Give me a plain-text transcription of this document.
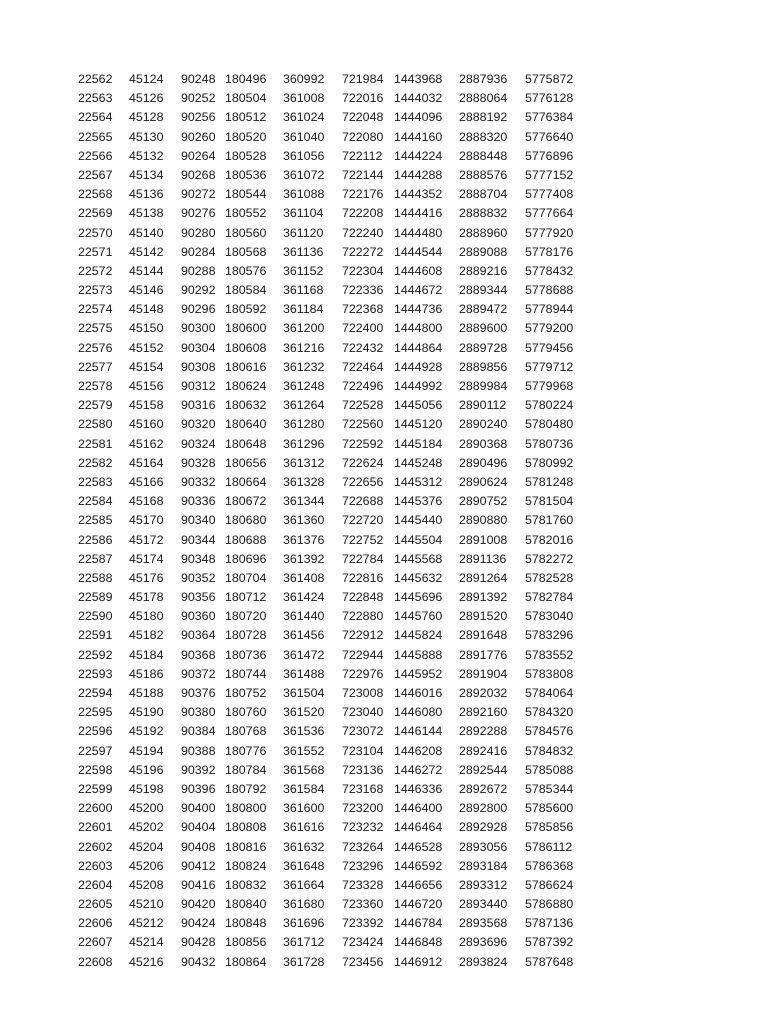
22562 45124 90248 180496 360992 721984 1443968 2887936 5775872
22563 45126 90252 180504 361008 722016 1444032 2888064 5776128
22564 45128 90256 180512 361024 722048 1444096 2888192 5776384
22565 45130 90260 180520 361040 722080 1444160 2888320 5776640
22566 45132 90264 180528 361056 722112 1444224 2888448 5776896
22567 45134 90268 180536 361072 722144 1444288 2888576 5777152
22568 45136 90272 180544 361088 722176 1444352 2888704 5777408
22569 45138 90276 180552 361104 722208 1444416 2888832 5777664
22570 45140 90280 180560 361120 722240 1444480 2888960 5777920
22571 45142 90284 180568 361136 722272 1444544 2889088 5778176
22572 45144 90288 180576 361152 722304 1444608 2889216 5778432
22573 45146 90292 180584 361168 722336 1444672 2889344 5778688
22574 45148 90296 180592 361184 722368 1444736 2889472 5778944
22575 45150 90300 180600 361200 722400 1444800 2889600 5779200
22576 45152 90304 180608 361216 722432 1444864 2889728 5779456
22577 45154 90308 180616 361232 722464 1444928 2889856 5779712
22578 45156 90312 180624 361248 722496 1444992 2889984 5779968
22579 45158 90316 180632 361264 722528 1445056 2890112 5780224
22580 45160 90320 180640 361280 722560 1445120 2890240 5780480
22581 45162 90324 180648 361296 722592 1445184 2890368 5780736
22582 45164 90328 180656 361312 722624 1445248 2890496 5780992
22583 45166 90332 180664 361328 722656 1445312 2890624 5781248
22584 45168 90336 180672 361344 722688 1445376 2890752 5781504
22585 45170 90340 180680 361360 722720 1445440 2890880 5781760
22586 45172 90344 180688 361376 722752 1445504 2891008 5782016
22587 45174 90348 180696 361392 722784 1445568 2891136 5782272
22588 45176 90352 180704 361408 722816 1445632 2891264 5782528
22589 45178 90356 180712 361424 722848 1445696 2891392 5782784
22590 45180 90360 180720 361440 722880 1445760 2891520 5783040
22591 45182 90364 180728 361456 722912 1445824 2891648 5783296
22592 45184 90368 180736 361472 722944 1445888 2891776 5783552
22593 45186 90372 180744 361488 722976 1445952 2891904 5783808
22594 45188 90376 180752 361504 723008 1446016 2892032 5784064
22595 45190 90380 180760 361520 723040 1446080 2892160 5784320
22596 45192 90384 180768 361536 723072 1446144 2892288 5784576
22597 45194 90388 180776 361552 723104 1446208 2892416 5784832
22598 45196 90392 180784 361568 723136 1446272 2892544 5785088
22599 45198 90396 180792 361584 723168 1446336 2892672 5785344
22600 45200 90400 180800 361600 723200 1446400 2892800 5785600
22601 45202 90404 180808 361616 723232 1446464 2892928 5785856
22602 45204 90408 180816 361632 723264 1446528 2893056 5786112
22603 45206 90412 180824 361648 723296 1446592 2893184 5786368
22604 45208 90416 180832 361664 723328 1446656 2893312 5786624
22605 45210 90420 180840 361680 723360 1446720 2893440 5786880
22606 45212 90424 180848 361696 723392 1446784 2893568 5787136
22607 45214 90428 180856 361712 723424 1446848 2893696 5787392
22608 45216 90432 180864 361728 723456 1446912 2893824 5787648
